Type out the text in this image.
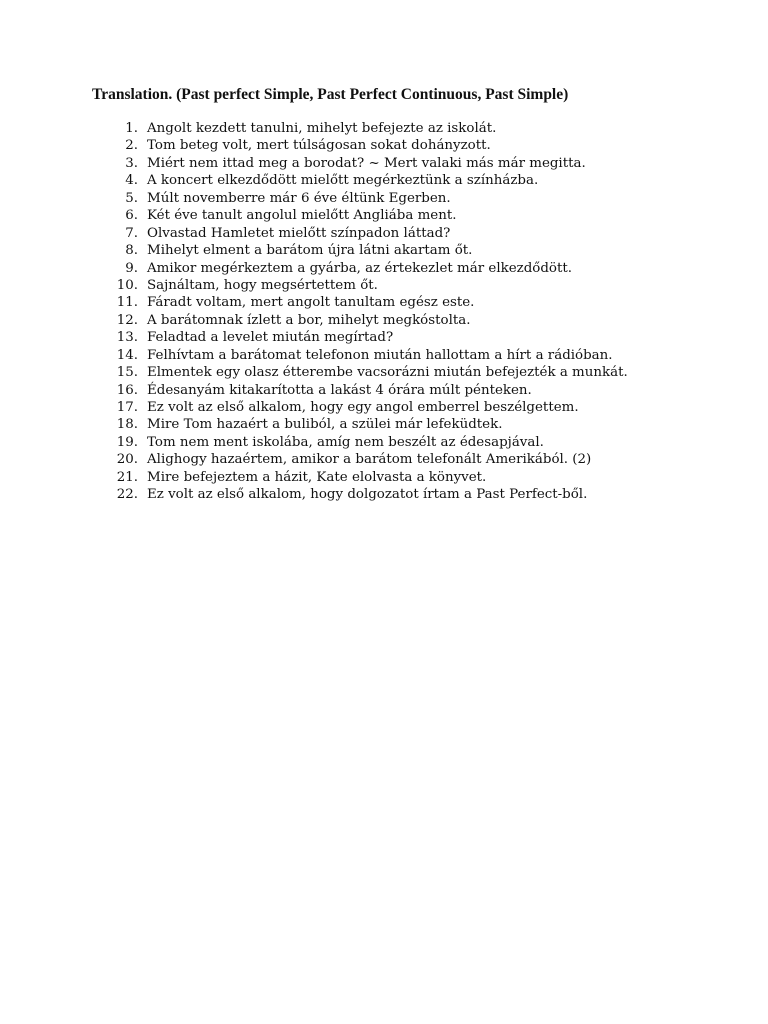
Translation. (Past perfect Simple, Past Perfect Continuous, Past Simple)
1. Angolt kezdett tanulni, mihelyt befejezte az iskolát.
2. Tom beteg volt, mert túlságosan sokat dohányzott.
3. Miért nem ittad meg a borodat? ~ Mert valaki más már megitta.
4. A koncert elkezdődött mielőtt megérkeztünk a színházba.
5. Múlt novemberre már 6 éve éltünk Egerben.
6. Két éve tanult angolul mielőtt Angliába ment.
7. Olvastad Hamletet mielőtt színpadon láttad?
8. Mihelyt elment a barátom újra látni akartam őt.
9. Amikor megérkeztem a gyárba, az értekezlet már elkezdődött.
10. Sajnáltam, hogy megsértettem őt.
11. Fáradt voltam, mert angolt tanultam egész este.
12. A barátomnak ízlett a bor, mihelyt megkóstolta.
13. Feladtad a levelet miután megírtad?
14. Felhívtam a barátomat telefonon miután hallottam a hírt a rádióban.
15. Elmentek egy olasz étterembe vacsorázni miután befejezték a munkát.
16. Édesanyám kitakarította a lakást 4 órára múlt pénteken.
17. Ez volt az első alkalom, hogy egy angol emberrel beszélgettem.
18. Mire Tom hazaért a buliból, a szülei már lefeküdtek.
19. Tom nem ment iskolába, amíg nem beszélt az édesapjával.
20. Alighogy hazaértem, amikor a barátom telefonált Amerikából. (2)
21. Mire befejeztem a házit, Kate elolvasta a könyvet.
22. Ez volt az első alkalom, hogy dolgozatot írtam a Past Perfect-ből.
